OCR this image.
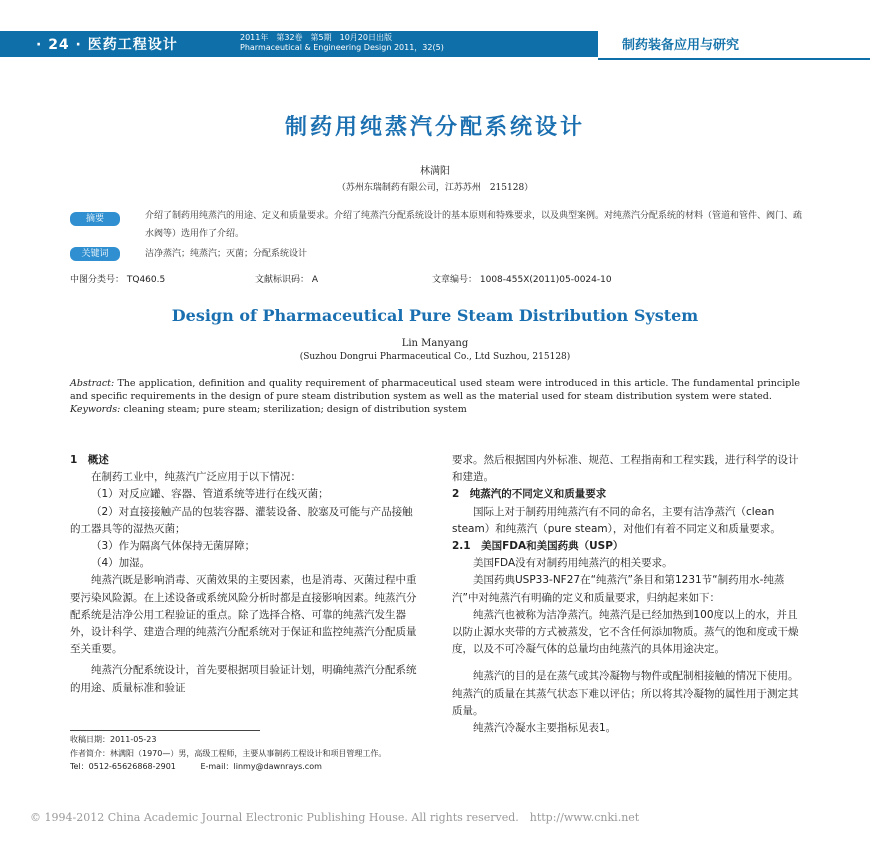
· 24 · 医药工程设计	2011年　第32卷　第5期　10月20日出版
Pharmaceutical & Engineering Design 2011，32(5)	制药装备应用与研究
制药用纯蒸汽分配系统设计
林满阳
（苏州东瑞制药有限公司，江苏苏州　215128）
摘要	介绍了制药用纯蒸汽的用途、定义和质量要求。介绍了纯蒸汽分配系统设计的基本原则和特殊要求，以及典型案例。对纯蒸汽分配系统的材料（管道和管件、阀门、疏水阀等）选用作了介绍。
关键词	洁净蒸汽；纯蒸汽；灭菌；分配系统设计
中图分类号： TQ460.5	文献标识码： A	文章编号： 1008-455X(2011)05-0024-10
Design of Pharmaceutical Pure Steam Distribution System
Lin Manyang
(Suzhou Dongrui Pharmaceutical Co., Ltd Suzhou, 215128)
Abstract: The application, definition and quality requirement of pharmaceutical used steam were introduced in this article. The fundamental principle and specific requirements in the design of pure steam distribution system as well as the material used for steam distribution system were stated.
Keywords: cleaning steam; pure steam; sterilization; design of distribution system

1　概述

在制药工业中，纯蒸汽广泛应用于以下情况：

（1）对反应罐、容器、管道系统等进行在线灭菌；

（2）对直接接触产品的包装容器、灌装设备、胶塞及可能与产品接触的工器具等的湿热灭菌；

（3）作为隔离气体保持无菌屏障；

（4）加湿。

纯蒸汽既是影响消毒、灭菌效果的主要因素，也是消毒、灭菌过程中重要污染风险源。在上述设备或系统风险分析时都是直接影响因素。纯蒸汽分配系统是洁净公用工程验证的重点。除了选择合格、可靠的纯蒸汽发生器外，设计科学、建造合理的纯蒸汽分配系统对于保证和监控纯蒸汽分配质量至关重要。

纯蒸汽分配系统设计，首先要根据项目验证计划，明确纯蒸汽分配系统的用途、质量标准和验证

收稿日期：2011-05-23
作者简介：林满阳（1970—）男，高级工程师，主要从事制药工程设计和项目管理工作。
Tel：0512-65626868-2901	E-mail：linmy@dawnrays.com

要求。然后根据国内外标准、规范、工程指南和工程实践，进行科学的设计和建造。

2　纯蒸汽的不同定义和质量要求

国际上对于制药用纯蒸汽有不同的命名，主要有洁净蒸汽（clean steam）和纯蒸汽（pure steam），对他们有着不同定义和质量要求。

2.1　美国FDA和美国药典（USP）

美国FDA没有对制药用纯蒸汽的相关要求。

美国药典USP33-NF27在“纯蒸汽”条目和第1231节“制药用水-纯蒸汽”中对纯蒸汽有明确的定义和质量要求，归纳起来如下：

纯蒸汽也被称为洁净蒸汽。纯蒸汽是已经加热到100度以上的水，并且以防止源水夹带的方式被蒸发，它不含任何添加物质。蒸气的饱和度或干燥度，以及不可冷凝气体的总量均由纯蒸汽的具体用途决定。

纯蒸汽的目的是在蒸气或其冷凝物与物件或配制相接触的情况下使用。纯蒸汽的质量在其蒸气状态下难以评估；所以将其冷凝物的属性用于测定其质量。

纯蒸汽冷凝水主要指标见表1。

© 1994-2012 China Academic Journal Electronic Publishing House. All rights reserved.　http://www.cnki.net
